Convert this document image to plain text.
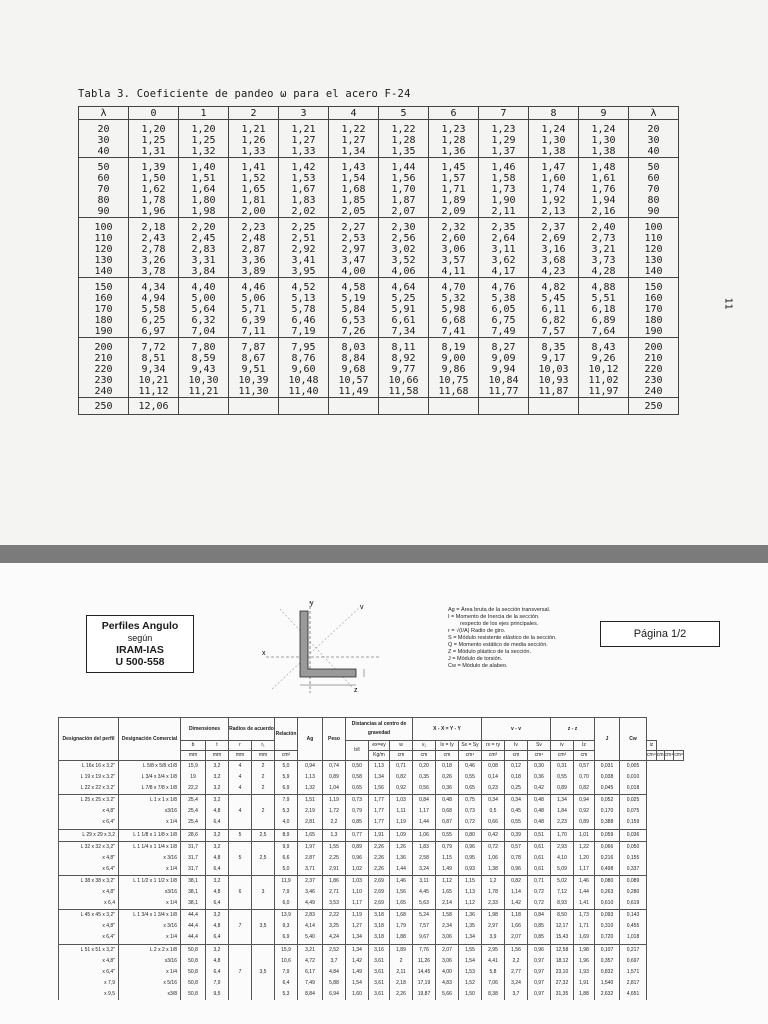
Tabla 3. Coeficiente de pandeo ω para el acero F-24
λ	0	1	2	3	4	5	6	7	8	9	λ
20	1,20	1,20	1,21	1,21	1,22	1,22	1,23	1,23	1,24	1,24	20
30	1,25	1,25	1,26	1,27	1,27	1,28	1,28	1,29	1,30	1,30	30
40	1,31	1,32	1,33	1,33	1,34	1,35	1,36	1,37	1,38	1,38	40
50	1,39	1,40	1,41	1,42	1,43	1,44	1,45	1,46	1,47	1,48	50
60	1,50	1,51	1,52	1,53	1,54	1,56	1,57	1,58	1,60	1,61	60
70	1,62	1,64	1,65	1,67	1,68	1,70	1,71	1,73	1,74	1,76	70
80	1,78	1,80	1,81	1,83	1,85	1,87	1,89	1,90	1,92	1,94	80
90	1,96	1,98	2,00	2,02	2,05	2,07	2,09	2,11	2,13	2,16	90
100	2,18	2,20	2,23	2,25	2,27	2,30	2,32	2,35	2,37	2,40	100
110	2,43	2,45	2,48	2,51	2,53	2,56	2,60	2,64	2,69	2,73	110
120	2,78	2,83	2,87	2,92	2,97	3,02	3,06	3,11	3,16	3,21	120
130	3,26	3,31	3,36	3,41	3,47	3,52	3,57	3,62	3,68	3,73	130
140	3,78	3,84	3,89	3,95	4,00	4,06	4,11	4,17	4,23	4,28	140
150	4,34	4,40	4,46	4,52	4,58	4,64	4,70	4,76	4,82	4,88	150
160	4,94	5,00	5,06	5,13	5,19	5,25	5,32	5,38	5,45	5,51	160
170	5,58	5,64	5,71	5,78	5,84	5,91	5,98	6,05	6,11	6,18	170
180	6,25	6,32	6,39	6,46	6,53	6,61	6,68	6,75	6,82	6,89	180
190	6,97	7,04	7,11	7,19	7,26	7,34	7,41	7,49	7,57	7,64	190
200	7,72	7,80	7,87	7,95	8,03	8,11	8,19	8,27	8,35	8,43	200
210	8,51	8,59	8,67	8,76	8,84	8,92	9,00	9,09	9,17	9,26	210
220	9,34	9,43	9,51	9,60	9,68	9,77	9,86	9,94	10,03	10,12	220
230	10,21	10,30	10,39	10,48	10,57	10,66	10,75	10,84	10,93	11,02	230
240	11,12	11,21	11,30	11,40	11,49	11,58	11,68	11,77	11,87	11,97	240
250	12,06										250
11
Perfiles Angulo
según
IRAM-IAS
U 500-558
y
x
v
z
Ag = Área bruta de la sección transversal.
I = Momento de Inercia de la sección.
respecto de los ejes principales.
r = √(I/A) Radio de giro.
S = Módulo resistente elástico de la sección.
Q = Momento estático de media sección.
Z = Módulo plástico de la sección.
J = Módulo de torsión.
Cw = Módulo de alabeo.
Página 1/2
Designación del perfil	Designación Comercial	Dimensiones		Radios de acuerdo		Relación	Ag	Peso	Distancias al centro de gravedad			X - X = Y - Y			v - v			z - z		J	Cw				
		b	t	r	r₁				b/t	ex=ey	w	v₁	Ix = Iy	Sx = Sy	rx = ry	Iv	Sv	iv	Iz			iz			
		mm	mm	mm	mm	cm²				Kg/m	cm	cm	cm	cm⁴	cm³	cm	cm⁴	cm³	cm			cm⁴	cm	cm⁴	cm⁶
L 16x 16 x 3.2"	L 5/8 x 5/8 x1/8	15,9	3,2	4	2	5,0	0,94	0,74	0,50	1,13	0,71	0,20	0,18	0,46	0,08	0,12	0,30	0,31	0,57	0,031	0,005				
L 19 x 19 x 3.2"	L 3/4 x 3/4 x 1/8	19	3,2	4	2	5,9	1,13	0,89	0,58	1,34	0,82	0,35	0,26	0,55	0,14	0,18	0,36	0,55	0,70	0,038	0,010				
L 22 x 22 x 3.2"	L 7/8 x 7/8 x 1/8	22,2	3,2	4	2	6,9	1,32	1,04	0,65	1,56	0,92	0,56	0,36	0,65	0,23	0,25	0,42	0,89	0,82	0,045	0,018				
L 25 x 25 x 3.2"	L 1 x 1 x 1/8	25,4	3,2			7,9	1,51	1,19	0,73	1,77	1,03	0,84	0,48	0,75	0,34	0,34	0,48	1,34	0,94	0,052	0,025				
x 4,8"	x3/16	25,4	4,8	4	2	5,3	2,19	1,72	0,79	1,77	1,11	1,17	0,68	0,73	0,5	0,45	0,48	1,84	0,92	0,170	0,075				
x 6,4"	x 1/4	25,4	6,4			4,0	2,81	2,2	0,85	1,77	1,19	1,44	0,87	0,72	0,66	0,55	0,48	2,23	0,89	0,388	0,159				
L 29 x 29 x 3,2	L 1 1/8 x 1 1/8 x 1/8	28,6	3,2	5	2,5	8,9	1,65	1,3	0,77	1,91	1,09	1,06	0,55	0,80	0,42	0,39	0,51	1,70	1,01	0,059	0,036				
L 32 x 32 x 3,2"	L 1 1/4 x 1 1/4 x 1/8	31,7	3,2			9,9	1,97	1,55	0,89	2,26	1,26	1,83	0,79	0,96	0,72	0,57	0,61	2,93	1,22	0,066	0,050				
x 4,8"	x 3/16	31,7	4,8	5	2,5	6,6	2,87	2,25	0,96	2,26	1,36	2,58	1,15	0,95	1,06	0,78	0,61	4,10	1,20	0,216	0,155				
x 6,4"	x 1/4	31,7	6,4			5,0	3,71	2,91	1,02	2,26	1,44	3,24	1,49	0,93	1,38	0,96	0,61	5,09	1,17	0,498	0,337				
L 38 x 38 x 3,2"	L 1 1/2 x 1 1/2 x 1/8	38,1	3,2			11,9	2,37	1,86	1,03	2,69	1,46	3,11	1,12	1,15	1,2	0,82	0,71	5,02	1,46	0,080	0,089				
x 4,8"	x3/16	38,1	4,8	6	3	7,9	3,46	2,71	1,10	2,69	1,56	4,45	1,65	1,13	1,78	1,14	0,72	7,12	1,44	0,263	0,280				
x 6,4	x 1/4	38,1	6,4			6,0	4,49	3,53	1,17	2,69	1,65	5,63	2,14	1,12	2,33	1,42	0,72	8,93	1,41	0,610	0,619				
L 45 x 45 x 3,2"	L 1 3/4 x 1 3/4 x 1/8	44,4	3,2			13,9	2,83	2,22	1,19	3,18	1,68	5,24	1,58	1,36	1,98	1,18	0,84	8,50	1,73	0,093	0,143				
x 4,8"	x 3/16	44,4	4,8	7	3,5	9,3	4,14	3,25	1,27	3,18	1,79	7,57	2,34	1,35	2,97	1,66	0,85	12,17	1,71	0,310	0,455				
x 6,4"	x 1/4	44,4	6,4			6,9	5,40	4,24	1,34	3,18	1,88	9,67	3,06	1,34	3,9	2,07	0,85	15,43	1,69	0,720	1,018				
L 51 x 51 x 3,2"	L 2 x 2 x 1/8	50,8	3,2			15,9	3,21	2,52	1,34	3,16	1,89	7,76	2,07	1,55	2,95	1,56	0,96	12,58	1,98	0,107	0,217				
x 4,8"	x3/16	50,8	4,8			10,6	4,72	3,7	1,42	3,61	2	11,26	3,06	1,54	4,41	2,2	0,97	18,12	1,96	0,357	0,697				
x 6,4"	x 1/4	50,8	6,4	7	3,5	7,9	6,17	4,84	1,49	3,61	2,11	14,45	4,00	1,53	5,8	2,77	0,97	23,10	1,93	0,832	1,571				
x 7,9	x 5/16	50,8	7,9			6,4	7,49	5,88	1,54	3,61	2,18	17,19	4,83	1,52	7,06	3,24	0,97	27,32	1,91	1,540	2,817				
x 9,5	x3/8	50,8	9,5			5,3	8,84	6,94	1,60	3,61	2,26	19,87	5,66	1,50	8,38	3,7	0,97	31,35	1,88	2,632	4,651				
